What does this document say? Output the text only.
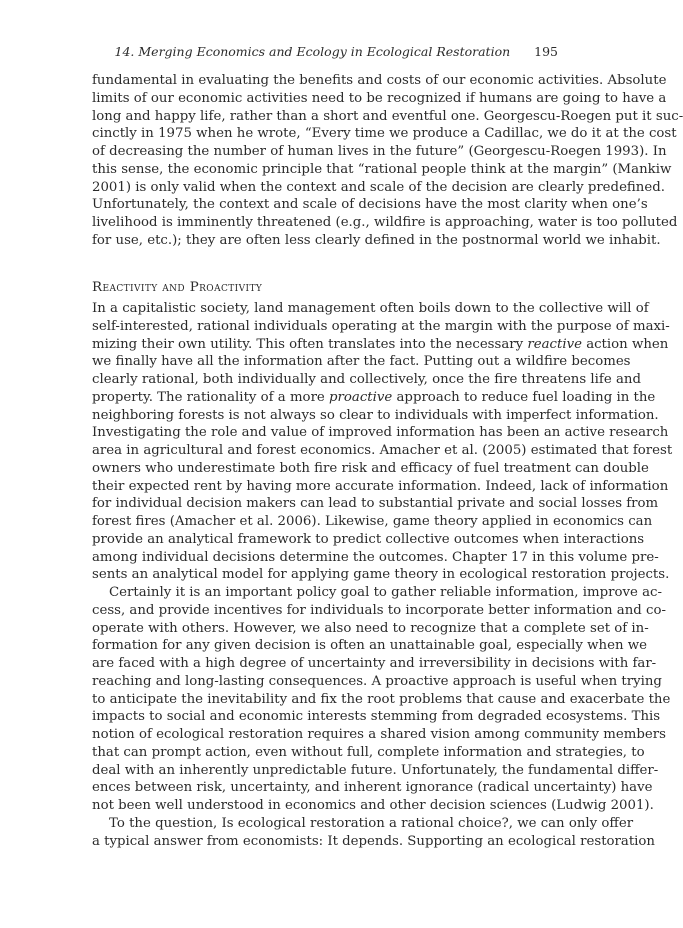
14. Merging Economics and Ecology in Ecological Restoration 195
fundamental in evaluating the benefits and costs of our economic activities. Absolute
limits of our economic activities need to be recognized if humans are going to have a
long and happy life, rather than a short and eventful one. Georgescu-Roegen put it suc-
cinctly in 1975 when he wrote, “Every time we produce a Cadillac, we do it at the cost
of decreasing the number of human lives in the future” (Georgescu-Roegen 1993). In
this sense, the economic principle that “rational people think at the margin” (Mankiw
2001) is only valid when the context and scale of the decision are clearly predefined.
Unfortunately, the context and scale of decisions have the most clarity when one’s
livelihood is imminently threatened (e.g., wildfire is approaching, water is too polluted
for use, etc.); they are often less clearly defined in the postnormal world we inhabit.
Reactivity and Proactivity
In a capitalistic society, land management often boils down to the collective will of
self-interested, rational individuals operating at the margin with the purpose of maxi-
mizing their own utility. This often translates into the necessary reactive action when
we finally have all the information after the fact. Putting out a wildfire becomes
clearly rational, both individually and collectively, once the fire threatens life and
property. The rationality of a more proactive approach to reduce fuel loading in the
neighboring forests is not always so clear to individuals with imperfect information.
Investigating the role and value of improved information has been an active research
area in agricultural and forest economics. Amacher et al. (2005) estimated that forest
owners who underestimate both fire risk and efficacy of fuel treatment can double
their expected rent by having more accurate information. Indeed, lack of information
for individual decision makers can lead to substantial private and social losses from
forest fires (Amacher et al. 2006). Likewise, game theory applied in economics can
provide an analytical framework to predict collective outcomes when interactions
among individual decisions determine the outcomes. Chapter 17 in this volume pre-
sents an analytical model for applying game theory in ecological restoration projects.
Certainly it is an important policy goal to gather reliable information, improve ac-
cess, and provide incentives for individuals to incorporate better information and co-
operate with others. However, we also need to recognize that a complete set of in-
formation for any given decision is often an unattainable goal, especially when we
are faced with a high degree of uncertainty and irreversibility in decisions with far-
reaching and long-lasting consequences. A proactive approach is useful when trying
to anticipate the inevitability and fix the root problems that cause and exacerbate the
impacts to social and economic interests stemming from degraded ecosystems. This
notion of ecological restoration requires a shared vision among community members
that can prompt action, even without full, complete information and strategies, to
deal with an inherently unpredictable future. Unfortunately, the fundamental differ-
ences between risk, uncertainty, and inherent ignorance (radical uncertainty) have
not been well understood in economics and other decision sciences (Ludwig 2001).
To the question, Is ecological restoration a rational choice?, we can only offer
a typical answer from economists: It depends. Supporting an ecological restoration
